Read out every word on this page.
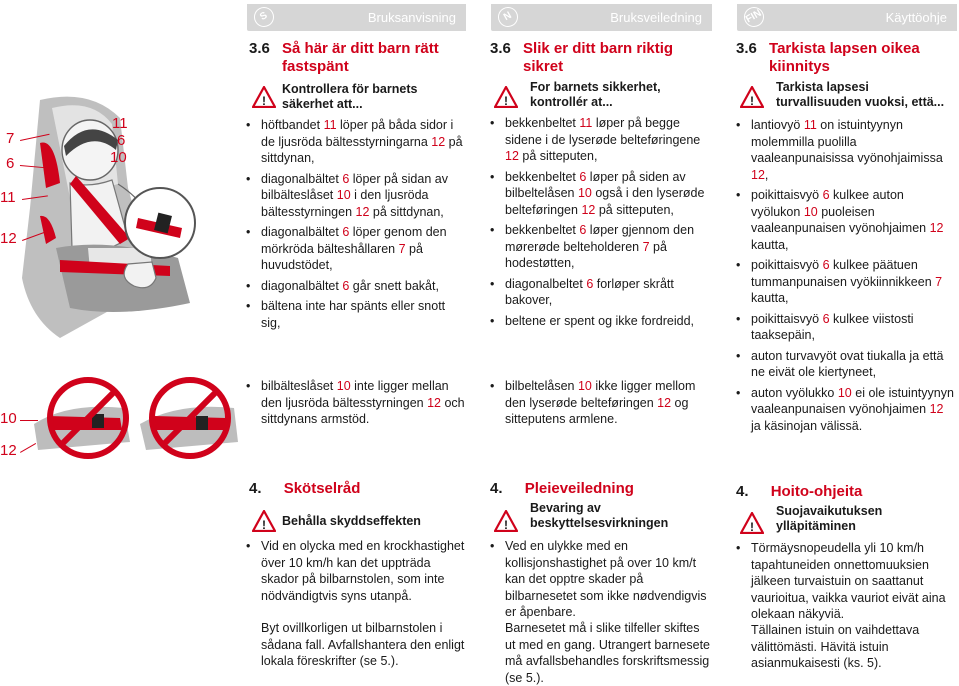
S	Bruksanvisning	N	Bruksveiledning	FIN	Käyttöohje
7
6
11
12
10
12
11
6
10
3.6 Så här är ditt barn rätt fastspänt
!
Kontrollera för barnets säkerhet att...
• höftbandet 11 löper på båda sidor i de ljusröda bältesstyrningarna 12 på sittdynan,
• diagonalbältet 6 löper på sidan av bilbälteslåset 10 i den ljusröda bältesstyrningen 12 på sittdynan,
• diagonalbältet 6 löper genom den mörkröda bälteshållaren 7 på huvudstödet,
• diagonalbältet 6 går snett bakåt,
• bältena inte har spänts eller snott sig,
• bilbälteslåset 10 inte ligger mellan den ljusröda bältesstyrningen 12 och sittdynans armstöd.
3.6 Slik er ditt barn riktig sikret
!
For barnets sikkerhet, kontrollér at...
• bekkenbeltet 11 løper på begge sidene i de lyserøde belteføringene 12 på sitteputen,
• bekkenbeltet 6 løper på siden av bilbeltelåsen 10 også i den lyserøde belteføringen 12 på sitteputen,
• bekkenbeltet 6 løper gjennom den mørerøde belteholderen 7 på hodestøtten,
• diagonalbeltet 6 forløper skrått bakover,
• beltene er spent og ikke fordreidd,
• bilbeltelåsen 10 ikke ligger mellom den lyserøde belteføringen 12 og sitteputens armlene.
3.6 Tarkista lapsen oikea kiinnitys
!
Tarkista lapsesi turvallisuuden vuoksi, että...
• lantiovyö 11 on istuintyynyn molemmilla puolilla vaaleanpunaisissa vyönohjaimissa 12,
• poikittaisvyö 6 kulkee auton vyölukon 10 puoleisen vaaleanpunaisen vyönohjaimen 12 kautta,
• poikittaisvyö 6 kulkee päätuen tummanpunaisen vyökiinnikkeen 7 kautta,
• poikittaisvyö 6 kulkee viistosti taaksepäin,
• auton turvavyöt ovat tiukalla ja että ne eivät ole kiertyneet,
• auton vyölukko 10 ei ole istuintyynyn vaaleanpunaisen vyönohjaimen 12 ja käsinojan välissä.
4. Skötselråd
! Behålla skyddseffekten
• Vid en olycka med en krockhastighet över 10 km/h kan det uppträda skador på bilbarnstolen, som inte nödvändigtvis syns utanpå.
Byt ovillkorligen ut bilbarnstolen i sådana fall. Avfallshantera den enligt lokala föreskrifter (se 5.).
4. Pleieveiledning
!
Bevaring av beskyttelsesvirkningen
• Ved en ulykke med en kollisjonshastighet på over 10 km/t kan det opptre skader på bilbarnesetet som ikke nødvendigvis er åpenbare.
Barnesetet må i slike tilfeller skiftes ut med en gang. Utrangert barnesete må avfallsbehandles forskriftsmessig (se 5.).
4. Hoito-ohjeita
!
Suojavaikutuksen ylläpitäminen
• Törmäysnopeudella yli 10 km/h tapahtuneiden onnettomuuksien jälkeen turvaistuin on saattanut vaurioitua, vaikka vauriot eivät aina olekaan näkyviä.
Tällainen istuin on vaihdettava välittömästi. Hävitä istuin asianmukaisesti (ks. 5).
